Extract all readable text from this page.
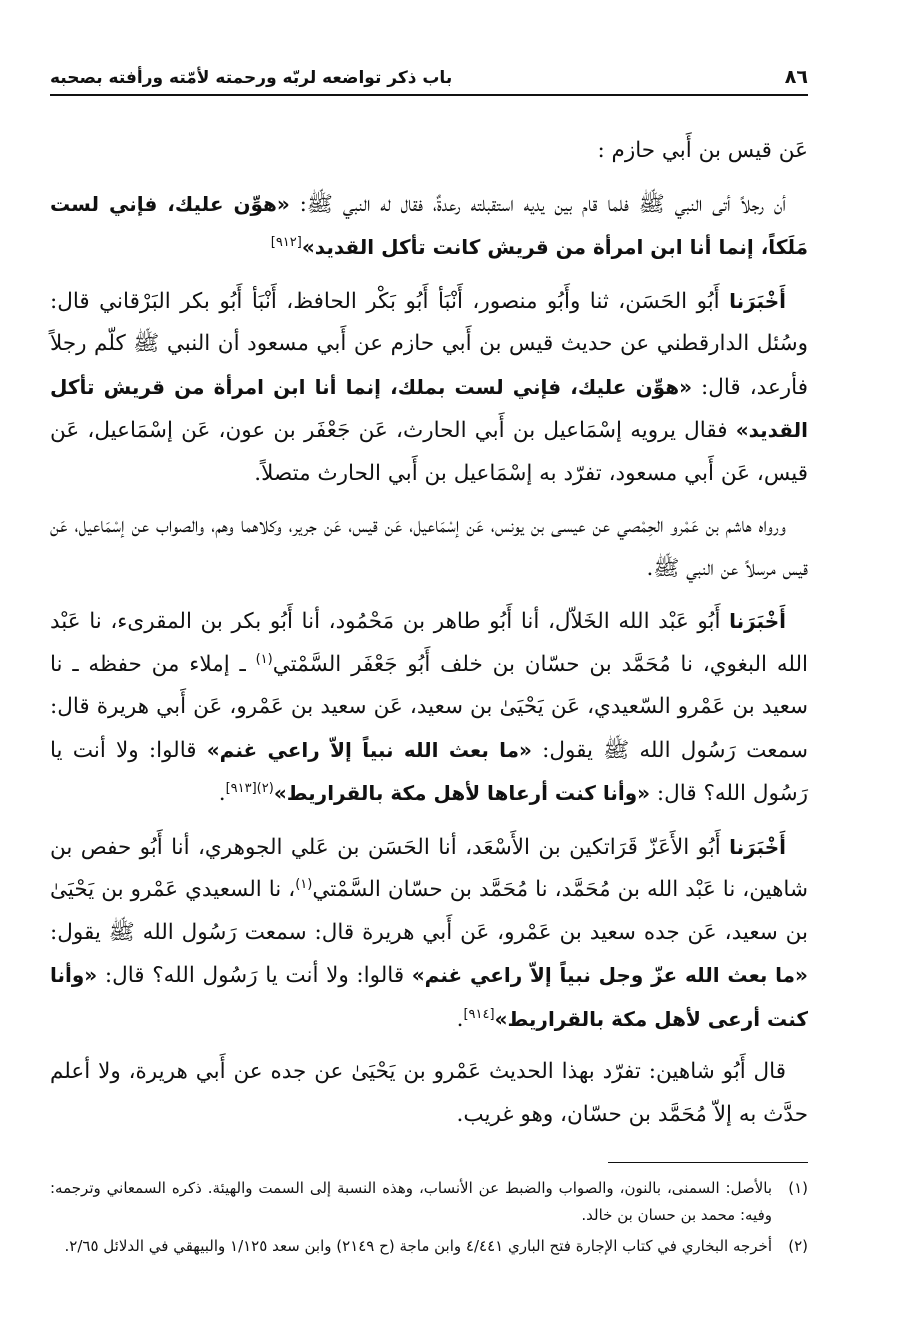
٨٦
باب ذكر تواضعه لربّه ورحمته لأمّته ورأفته بصحبه

عَن قيس بن أَبي حازم :

أن رجلاً أتى النبي ﷺ فلما قام بين يديه استقبلته رعدةٌ، فقال له النبي ﷺ: «هوِّن عليك، فإني لست مَلَكاً، إنما أنا ابن امرأة من قريش كانت تأكل القديد»[٩١٢]

أَخْبَرَنا أَبُو الحَسَن، ثنا وأَبُو منصور، أَنْبَأ أَبُو بَكْر الحافظ، أَنْبَأ أَبُو بكر البَرْقاني قال: وسُئل الدارقطني عن حديث قيس بن أَبي حازم عن أَبي مسعود أن النبي ﷺ كلّم رجلاً فأرعد، قال: «هوِّن عليك، فإني لست بملك، إنما أنا ابن امرأة من قريش تأكل القديد» فقال يرويه إسْمَاعيل بن أَبي الحارث، عَن جَعْفَر بن عون، عَن إسْمَاعيل، عَن قيس، عَن أَبي مسعود، تفرّد به إسْمَاعيل بن أَبي الحارث متصلاً.

ورواه هاشم بن عَمْرو الحِمْصي عن عيسى بن يونس، عَن إسْمَاعيل، عَن قيس، عَن جرير، وكلاهما وهم، والصواب عن إسْمَاعيل، عَن قيس مرسلاً عن النبي ﷺ.

أَخْبَرَنا أَبُو عَبْد الله الخَلاّل، أنا أَبُو طاهر بن مَحْمُود، أنا أَبُو بكر بن المقرىء، نا عَبْد الله البغوي، نا مُحَمَّد بن حسّان بن خلف أَبُو جَعْفَر السَّمْتي$^{(١)}$ ـ إملاء من حفظه ـ نا سعيد بن عَمْرو السّعيدي، عَن يَحْيَىٰ بن سعيد، عَن سعيد بن عَمْرو، عَن أَبي هريرة قال: سمعت رَسُول الله ﷺ يقول: «ما بعث الله نبياً إلاّ راعي غنم» قالوا: ولا أنت يا رَسُول الله؟ قال: «وأنا كنت أرعاها لأهل مكة بالقراريط»$^{(٢)[٩١٣]}$.

أَخْبَرَنا أَبُو الأَعَزّ قَرَاتكين بن الأَسْعَد، أنا الحَسَن بن عَلي الجوهري، أنا أَبُو حفص بن شاهين، نا عَبْد الله بن مُحَمَّد، نا مُحَمَّد بن حسّان السَّمْتي$^{(١)}$، نا السعيدي عَمْرو بن يَحْيَىٰ بن سعيد، عَن جده سعيد بن عَمْرو، عَن أَبي هريرة قال: سمعت رَسُول الله ﷺ يقول: «ما بعث الله عزّ وجل نبياً إلاّ راعي غنم» قالوا: ولا أنت يا رَسُول الله؟ قال: «وأنا كنت أرعى لأهل مكة بالقراريط»[٩١٤].

قال أَبُو شاهين: تفرّد بهذا الحديث عَمْرو بن يَحْيَىٰ عن جده عن أَبي هريرة، ولا أعلم حدَّث به إلاّ مُحَمَّد بن حسّان، وهو غريب.

(١)
بالأصل: السمنى، بالنون، والصواب والضبط عن الأنساب، وهذه النسبة إلى السمت والهيئة. ذكره السمعاني وترجمه: وفيه: محمد بن حسان بن خالد.
(٢)
أخرجه البخاري في كتاب الإجارة فتح الباري ٤/٤٤١ وابن ماجة (ح ٢١٤٩) وابن سعد ١/١٢٥ والبيهقي في الدلائل ٢/٦٥.
